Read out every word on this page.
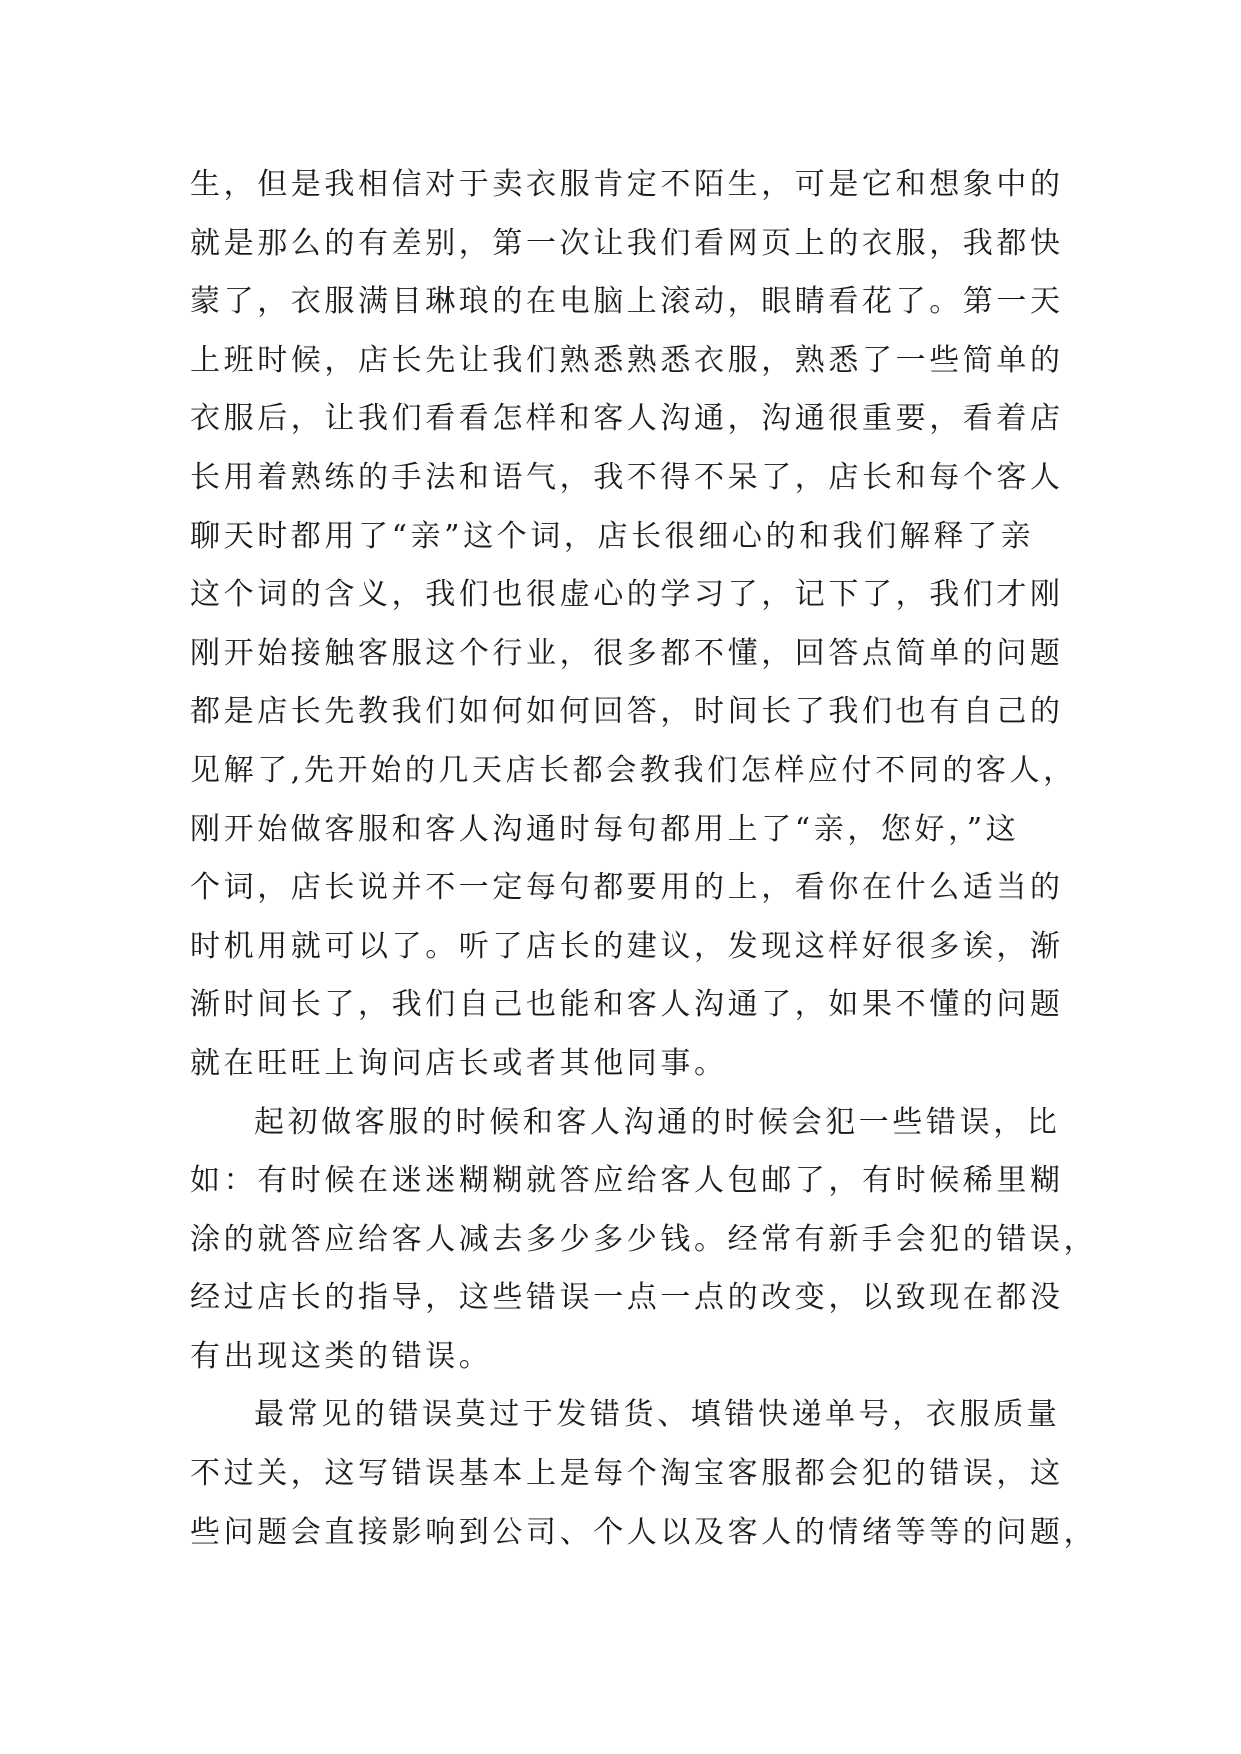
生，但是我相信对于卖衣服肯定不陌生，可是它和想象中的
就是那么的有差别，第一次让我们看网页上的衣服，我都快
蒙了，衣服满目琳琅的在电脑上滚动，眼睛看花了。第一天
上班时候，店长先让我们熟悉熟悉衣服，熟悉了一些简单的
衣服后，让我们看看怎样和客人沟通，沟通很重要，看着店
长用着熟练的手法和语气，我不得不呆了，店长和每个客人
聊天时都用了“亲”这个词，店长很细心的和我们解释了亲
这个词的含义，我们也很虚心的学习了，记下了，我们才刚
刚开始接触客服这个行业，很多都不懂，回答点简单的问题
都是店长先教我们如何如何回答，时间长了我们也有自己的
见解了,先开始的几天店长都会教我们怎样应付不同的客人，
刚开始做客服和客人沟通时每句都用上了“亲，您好，”这
个词，店长说并不一定每句都要用的上，看你在什么适当的
时机用就可以了。听了店长的建议，发现这样好很多诶，渐
渐时间长了，我们自己也能和客人沟通了，如果不懂的问题
就在旺旺上询问店长或者其他同事。
起初做客服的时候和客人沟通的时候会犯一些错误，比
如：有时候在迷迷糊糊就答应给客人包邮了，有时候稀里糊
涂的就答应给客人减去多少多少钱。经常有新手会犯的错误，
经过店长的指导，这些错误一点一点的改变，以致现在都没
有出现这类的错误。
最常见的错误莫过于发错货、填错快递单号，衣服质量
不过关，这写错误基本上是每个淘宝客服都会犯的错误，这
些问题会直接影响到公司、个人以及客人的情绪等等的问题，
